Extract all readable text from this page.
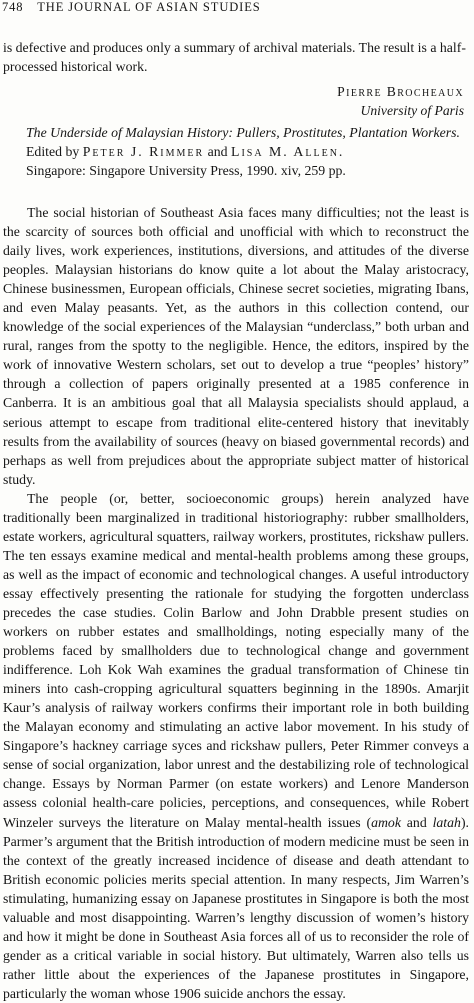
748 THE JOURNAL OF ASIAN STUDIES

is defective and produces only a summary of archival materials. The result is a half-processed historical work.

Pierre Brocheaux
University of Paris
The Underside of Malaysian History: Pullers, Prostitutes, Plantation Workers. Edited by Peter J. Rimmer and Lisa M. Allen.
Singapore: Singapore University Press, 1990. xiv, 259 pp.

The social historian of Southeast Asia faces many difficulties; not the least is the scarcity of sources both official and unofficial with which to reconstruct the daily lives, work experiences, institutions, diversions, and attitudes of the diverse peoples. Malaysian historians do know quite a lot about the Malay aristocracy, Chinese businessmen, European officials, Chinese secret societies, migrating Ibans, and even Malay peasants. Yet, as the authors in this collection contend, our knowledge of the social experiences of the Malaysian “underclass,” both urban and rural, ranges from the spotty to the negligible. Hence, the editors, inspired by the work of innovative Western scholars, set out to develop a true “peoples’ history” through a collection of papers originally presented at a 1985 conference in Canberra. It is an ambitious goal that all Malaysia specialists should applaud, a serious attempt to escape from traditional elite-centered history that inevitably results from the availability of sources (heavy on biased governmental records) and perhaps as well from prejudices about the appropriate subject matter of historical study.

The people (or, better, socioeconomic groups) herein analyzed have traditionally been marginalized in traditional historiography: rubber smallholders, estate workers, agricultural squatters, railway workers, prostitutes, rickshaw pullers. The ten essays examine medical and mental-health problems among these groups, as well as the impact of economic and technological changes. A useful introductory essay effectively presenting the rationale for studying the forgotten underclass precedes the case studies. Colin Barlow and John Drabble present studies on workers on rubber estates and smallholdings, noting especially many of the problems faced by smallholders due to technological change and government indifference. Loh Kok Wah examines the gradual transformation of Chinese tin miners into cash-cropping agricultural squatters beginning in the 1890s. Amarjit Kaur’s analysis of railway workers confirms their important role in both building the Malayan economy and stimulating an active labor movement. In his study of Singapore’s hackney carriage syces and rickshaw pullers, Peter Rimmer conveys a sense of social organization, labor unrest and the destabilizing role of technological change. Essays by Norman Parmer (on estate workers) and Lenore Manderson assess colonial health-care policies, perceptions, and consequences, while Robert Winzeler surveys the literature on Malay mental-health issues (amok and latah). Parmer’s argument that the British introduction of modern medicine must be seen in the context of the greatly increased incidence of disease and death attendant to British economic policies merits special attention. In many respects, Jim Warren’s stimulating, humanizing essay on Japanese prostitutes in Singapore is both the most valuable and most disappointing. Warren’s lengthy discussion of women’s history and how it might be done in Southeast Asia forces all of us to reconsider the role of gender as a critical variable in social history. But ultimately, Warren also tells us rather little about the experiences of the Japanese prostitutes in Singapore, particularly the woman whose 1906 suicide anchors the essay.
